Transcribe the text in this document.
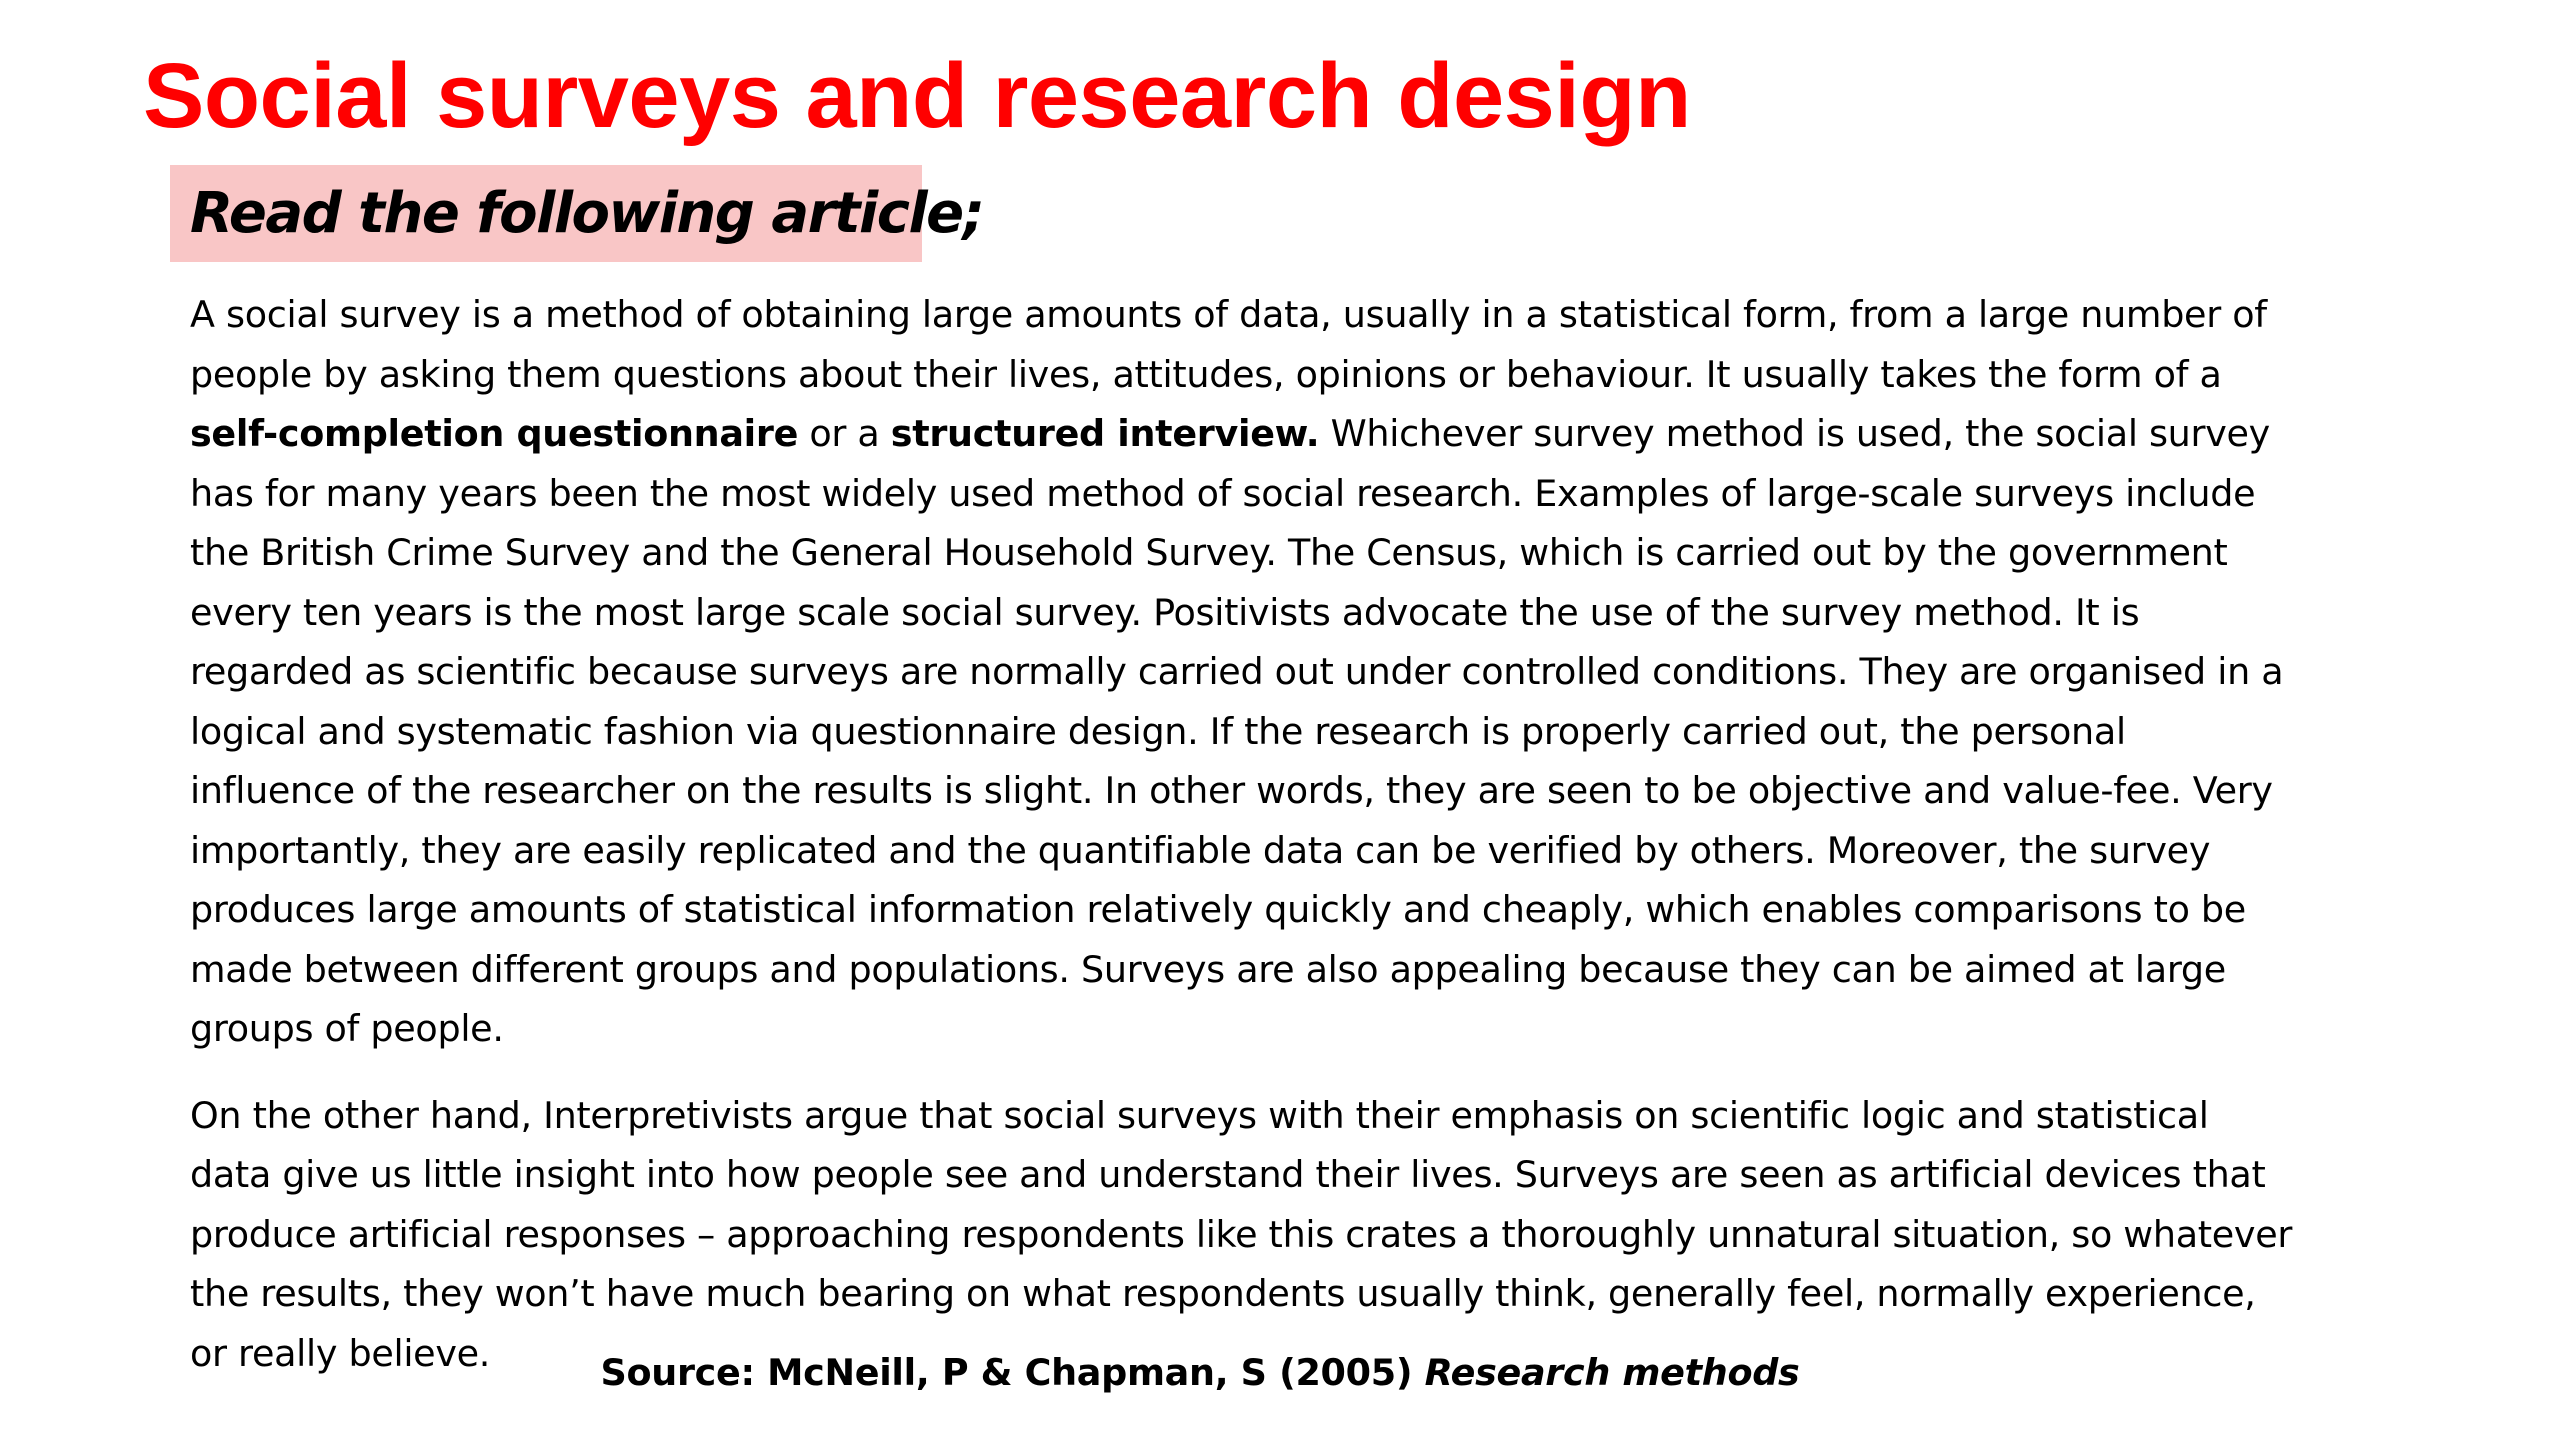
Social surveys and research design
Read the following article;

A social survey is a method of obtaining large amounts of data, usually in a statistical form, from a large number of people by asking them questions about their lives, attitudes, opinions or behaviour. It usually takes the form of a self-completion questionnaire or a structured interview. Whichever survey method is used, the social survey has for many years been the most widely used method of social research. Examples of large-scale surveys include the British Crime Survey and the General Household Survey. The Census, which is carried out by the government every ten years is the most large scale social survey. Positivists advocate the use of the survey method. It is regarded as scientific because surveys are normally carried out under controlled conditions. They are organised in a logical and systematic fashion via questionnaire design. If the research is properly carried out, the personal influence of the researcher on the results is slight. In other words, they are seen to be objective and value-fee. Very importantly, they are easily replicated and the quantifiable data can be verified by others. Moreover, the survey produces large amounts of statistical information relatively quickly and cheaply, which enables comparisons to be made between different groups and populations. Surveys are also appealing because they can be aimed at large groups of people.

On the other hand, Interpretivists argue that social surveys with their emphasis on scientific logic and statistical data give us little insight into how people see and understand their lives. Surveys are seen as artificial devices that produce artificial responses – approaching respondents like this crates a thoroughly unnatural situation, so whatever the results, they won’t have much bearing on what respondents usually think, generally feel, normally experience, or really believe.	Source: McNeill, P & Chapman, S (2005) Research methods
